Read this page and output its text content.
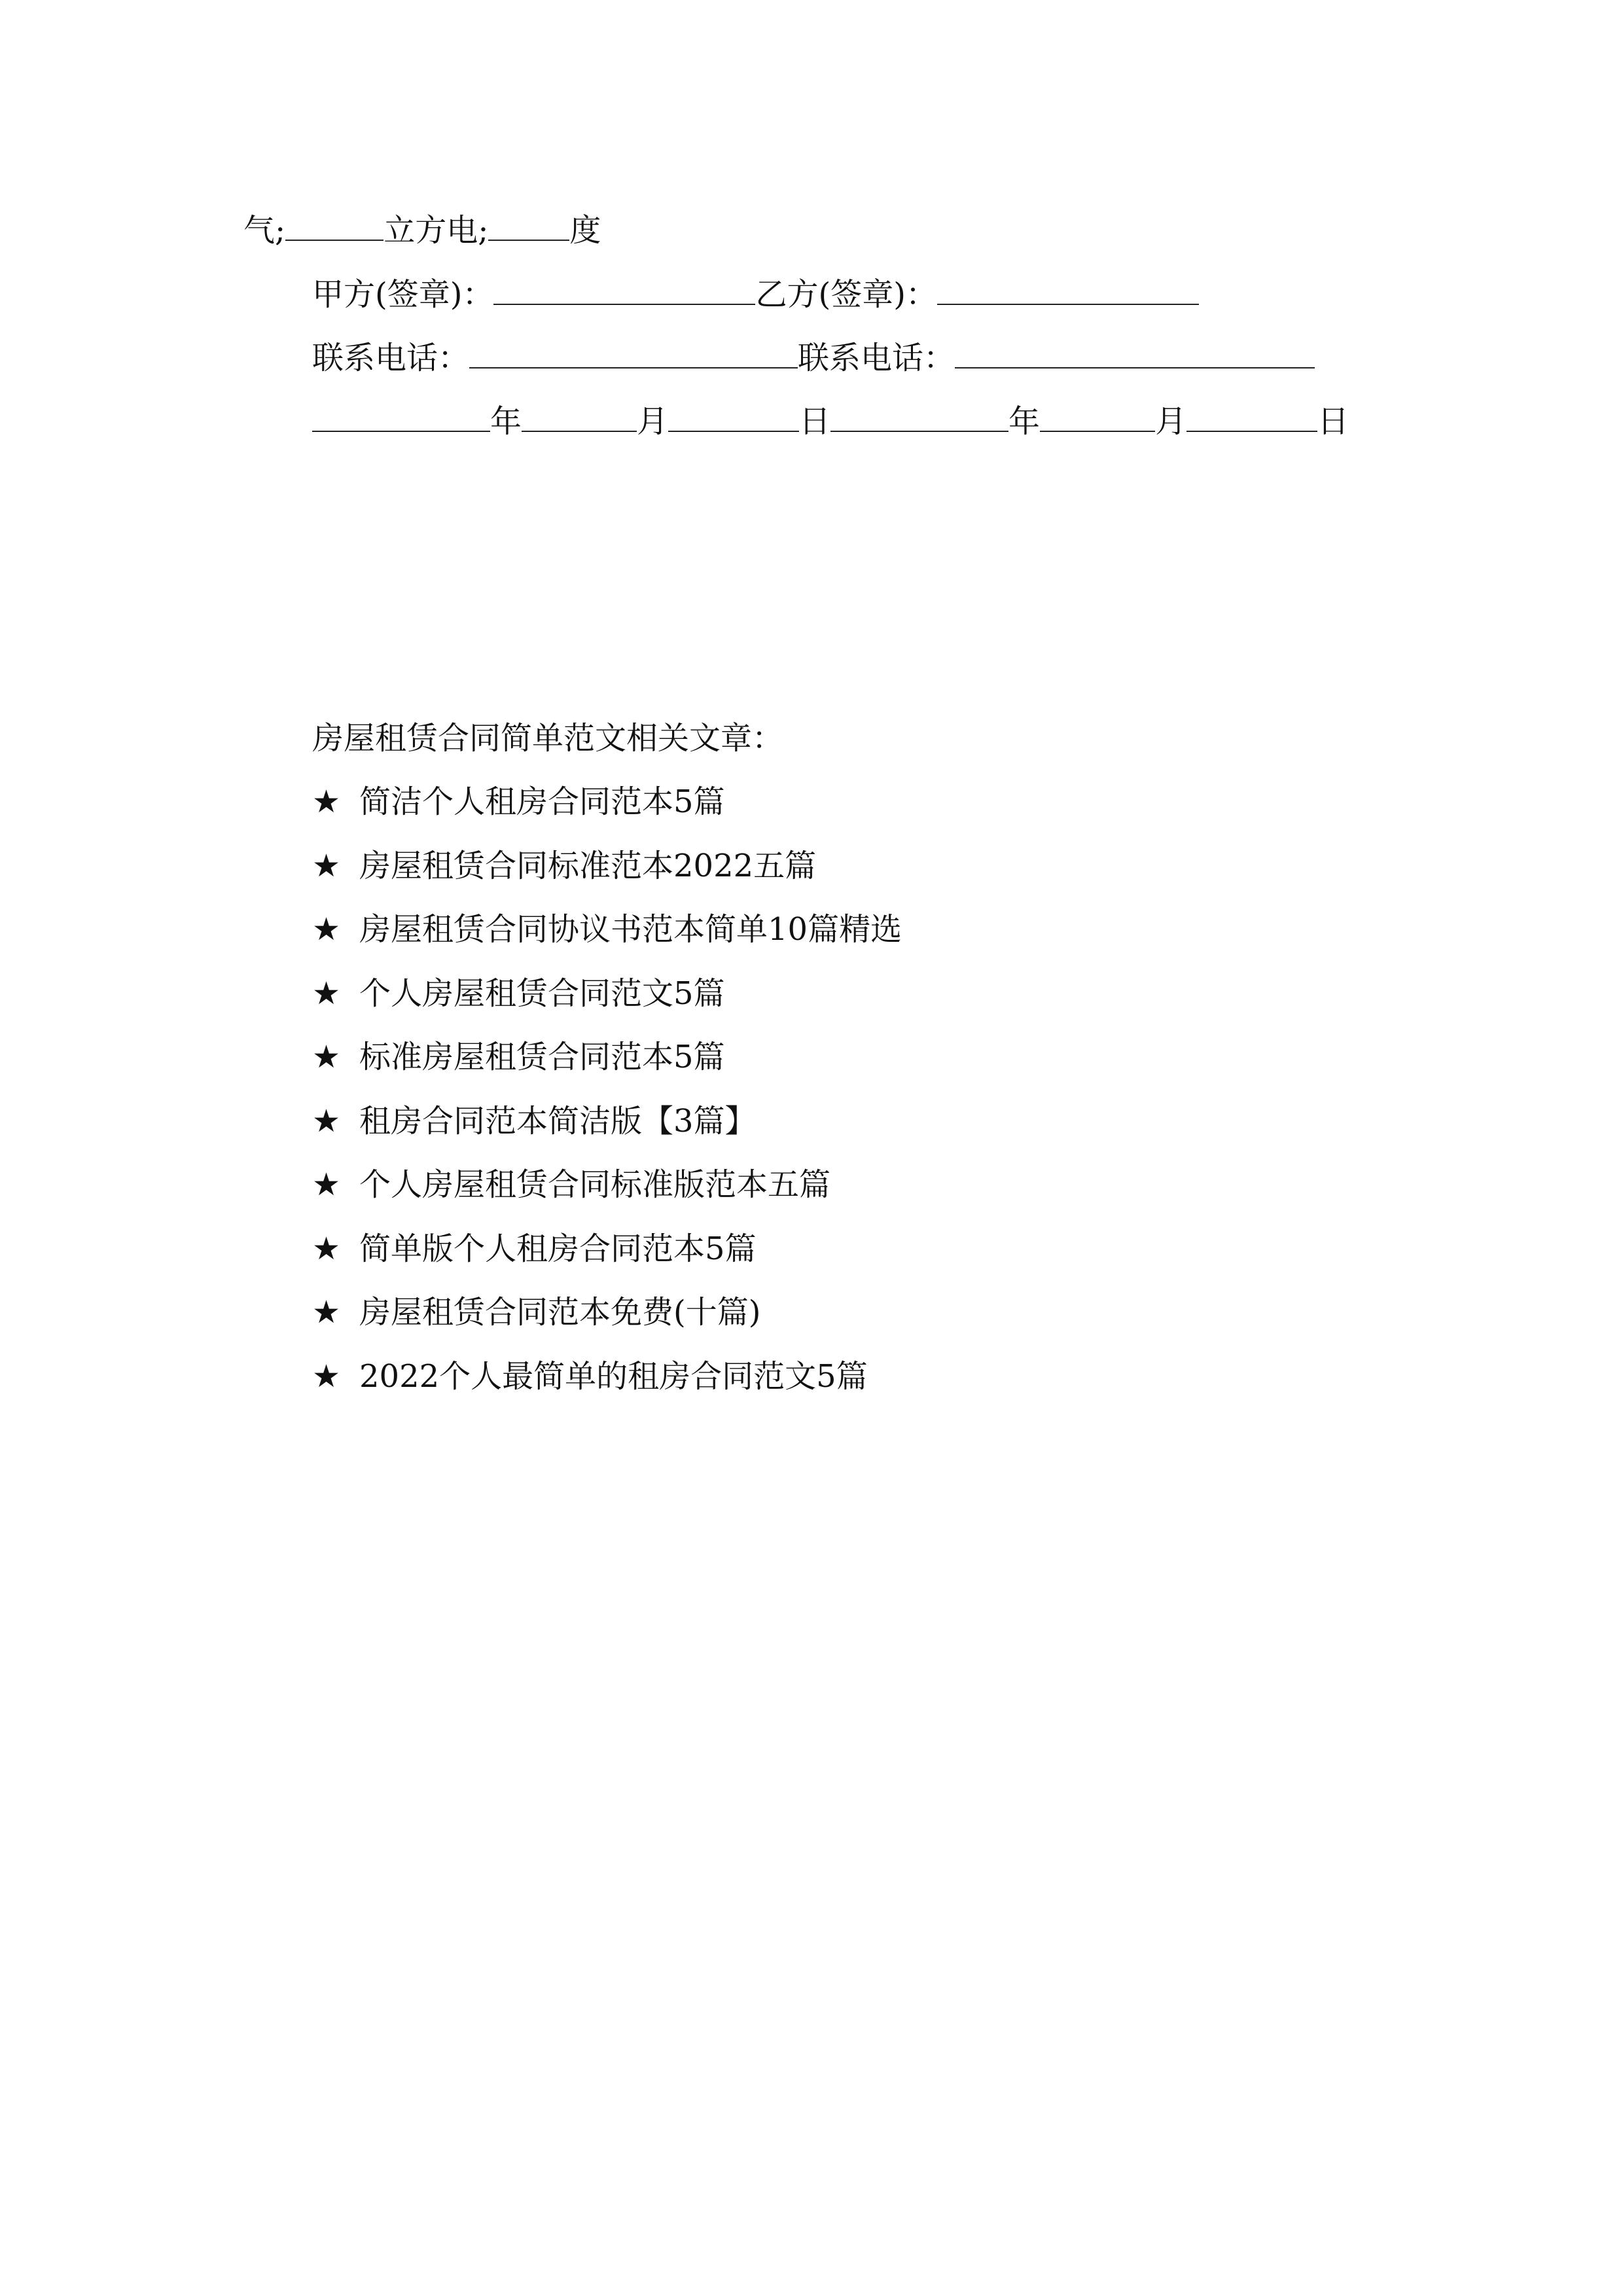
气;	立方电;	度
甲方(签章)：	乙方(签章)：
联系电话：	联系电话：
年	月	日	年	月	日
房屋租赁合同简单范文相关文章：
★ 简洁个人租房合同范本5篇
★ 房屋租赁合同标准范本2022五篇
★ 房屋租赁合同协议书范本简单10篇精选
★ 个人房屋租赁合同范文5篇
★ 标准房屋租赁合同范本5篇
★ 租房合同范本简洁版【3篇】
★ 个人房屋租赁合同标准版范本五篇
★ 简单版个人租房合同范本5篇
★ 房屋租赁合同范本免费(十篇)
★ 2022个人最简单的租房合同范文5篇
